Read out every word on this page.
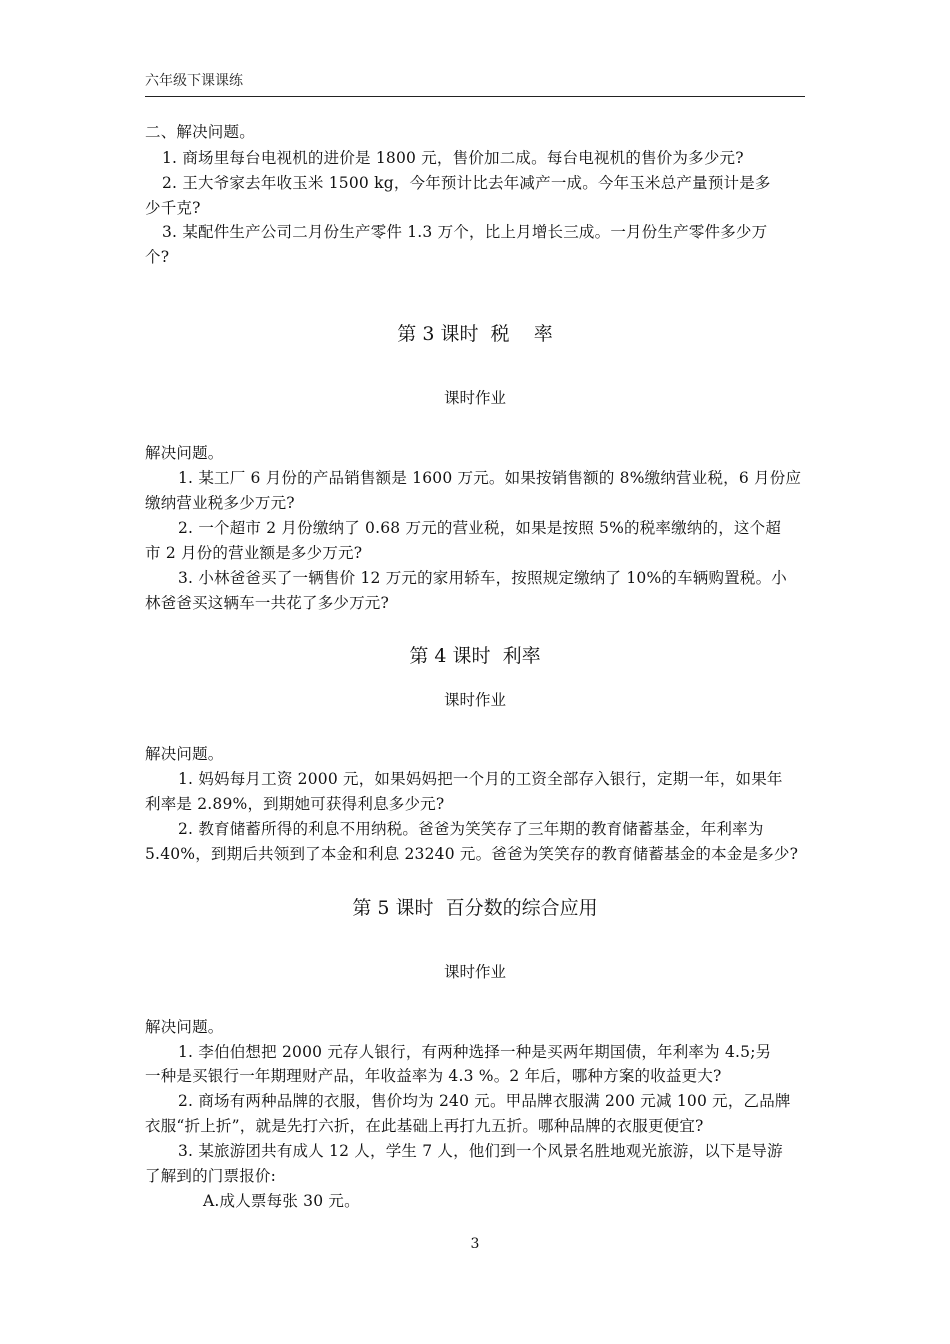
六年级下课课练
二、解决问题。
1. 商场里每台电视机的进价是 1800 元，售价加二成。每台电视机的售价为多少元?
2. 王大爷家去年收玉米 1500 kg，今年预计比去年减产一成。今年玉米总产量预计是多
少千克?
3. 某配件生产公司二月份生产零件 1.3 万个，比上月增长三成。一月份生产零件多少万
个?
第 3 课时  税    率
课时作业
解决问题。
1. 某工厂 6 月份的产品销售额是 1600 万元。如果按销售额的 8%缴纳营业税，6 月份应
缴纳营业税多少万元?
2. 一个超市 2 月份缴纳了 0.68 万元的营业税，如果是按照 5%的税率缴纳的，这个超
市 2 月份的营业额是多少万元?
3. 小林爸爸买了一辆售价 12 万元的家用轿车，按照规定缴纳了 10%的车辆购置税。小
林爸爸买这辆车一共花了多少万元?
第 4 课时  利率
课时作业
解决问题。
1. 妈妈每月工资 2000 元，如果妈妈把一个月的工资全部存入银行，定期一年，如果年
利率是 2.89%，到期她可获得利息多少元?
2. 教育储蓄所得的利息不用纳税。爸爸为笑笑存了三年期的教育储蓄基金，年利率为
5.40%，到期后共领到了本金和利息 23240 元。爸爸为笑笑存的教育储蓄基金的本金是多少?
第 5 课时  百分数的综合应用
课时作业
解决问题。
1. 李伯伯想把 2000 元存人银行，有两种选择一种是买两年期国债，年利率为 4.5;另
一种是买银行一年期理财产品，年收益率为 4.3 %。2 年后，哪种方案的收益更大?
2. 商场有两种品牌的衣服，售价均为 240 元。甲品牌衣服满 200 元减 100 元，乙品牌
衣服“折上折”，就是先打六折，在此基础上再打九五折。哪种品牌的衣服更便宜?
3. 某旅游团共有成人 12 人，学生 7 人，他们到一个风景名胜地观光旅游，以下是导游
了解到的门票报价:
A.成人票每张 30 元。
3
